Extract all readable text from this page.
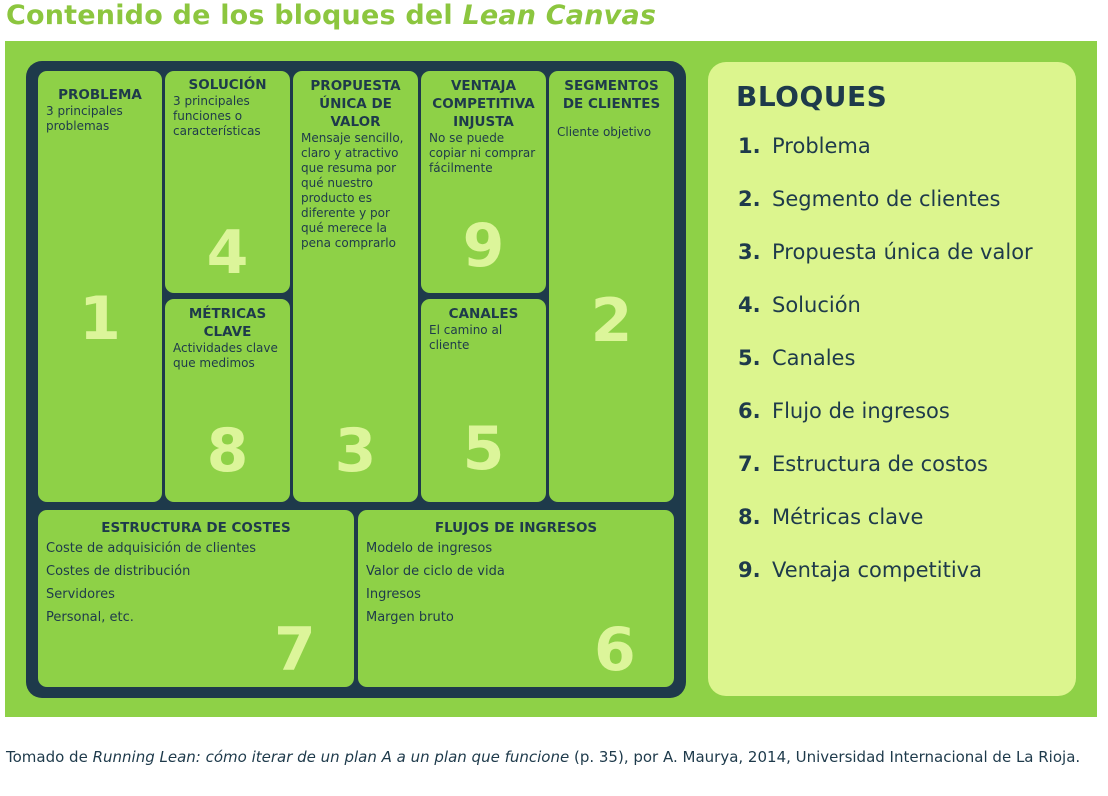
Contenido de los bloques del Lean Canvas
PROBLEMA
3 principales problemas
1
SOLUCIÓN
3 principales funciones o características
4
MÉTRICAS
CLAVE
Actividades clave que medimos
8
PROPUESTA
ÚNICA DE
VALOR
Mensaje sencillo, claro y atractivo que resuma por qué nuestro producto es diferente y por qué merece la pena comprarlo
3
VENTAJA
COMPETITIVA
INJUSTA
No se puede copiar ni comprar fácilmente
9
CANALES
El camino al cliente
5
SEGMENTOS
DE CLIENTES
Cliente objetivo
2
ESTRUCTURA DE COSTES
Coste de adquisición de clientes
Costes de distribución
Servidores
Personal, etc.	7
FLUJOS DE INGRESOS
Modelo de ingresos
Valor de ciclo de vida
Ingresos
Margen bruto	6
BLOQUES
1. Problema
2. Segmento de clientes
3. Propuesta única de valor
4. Solución
5. Canales
6. Flujo de ingresos
7. Estructura de costos
8. Métricas clave
9. Ventaja competitiva
Tomado de Running Lean: cómo iterar de un plan A a un plan que funcione (p. 35), por A. Maurya, 2014, Universidad Internacional de La Rioja.
